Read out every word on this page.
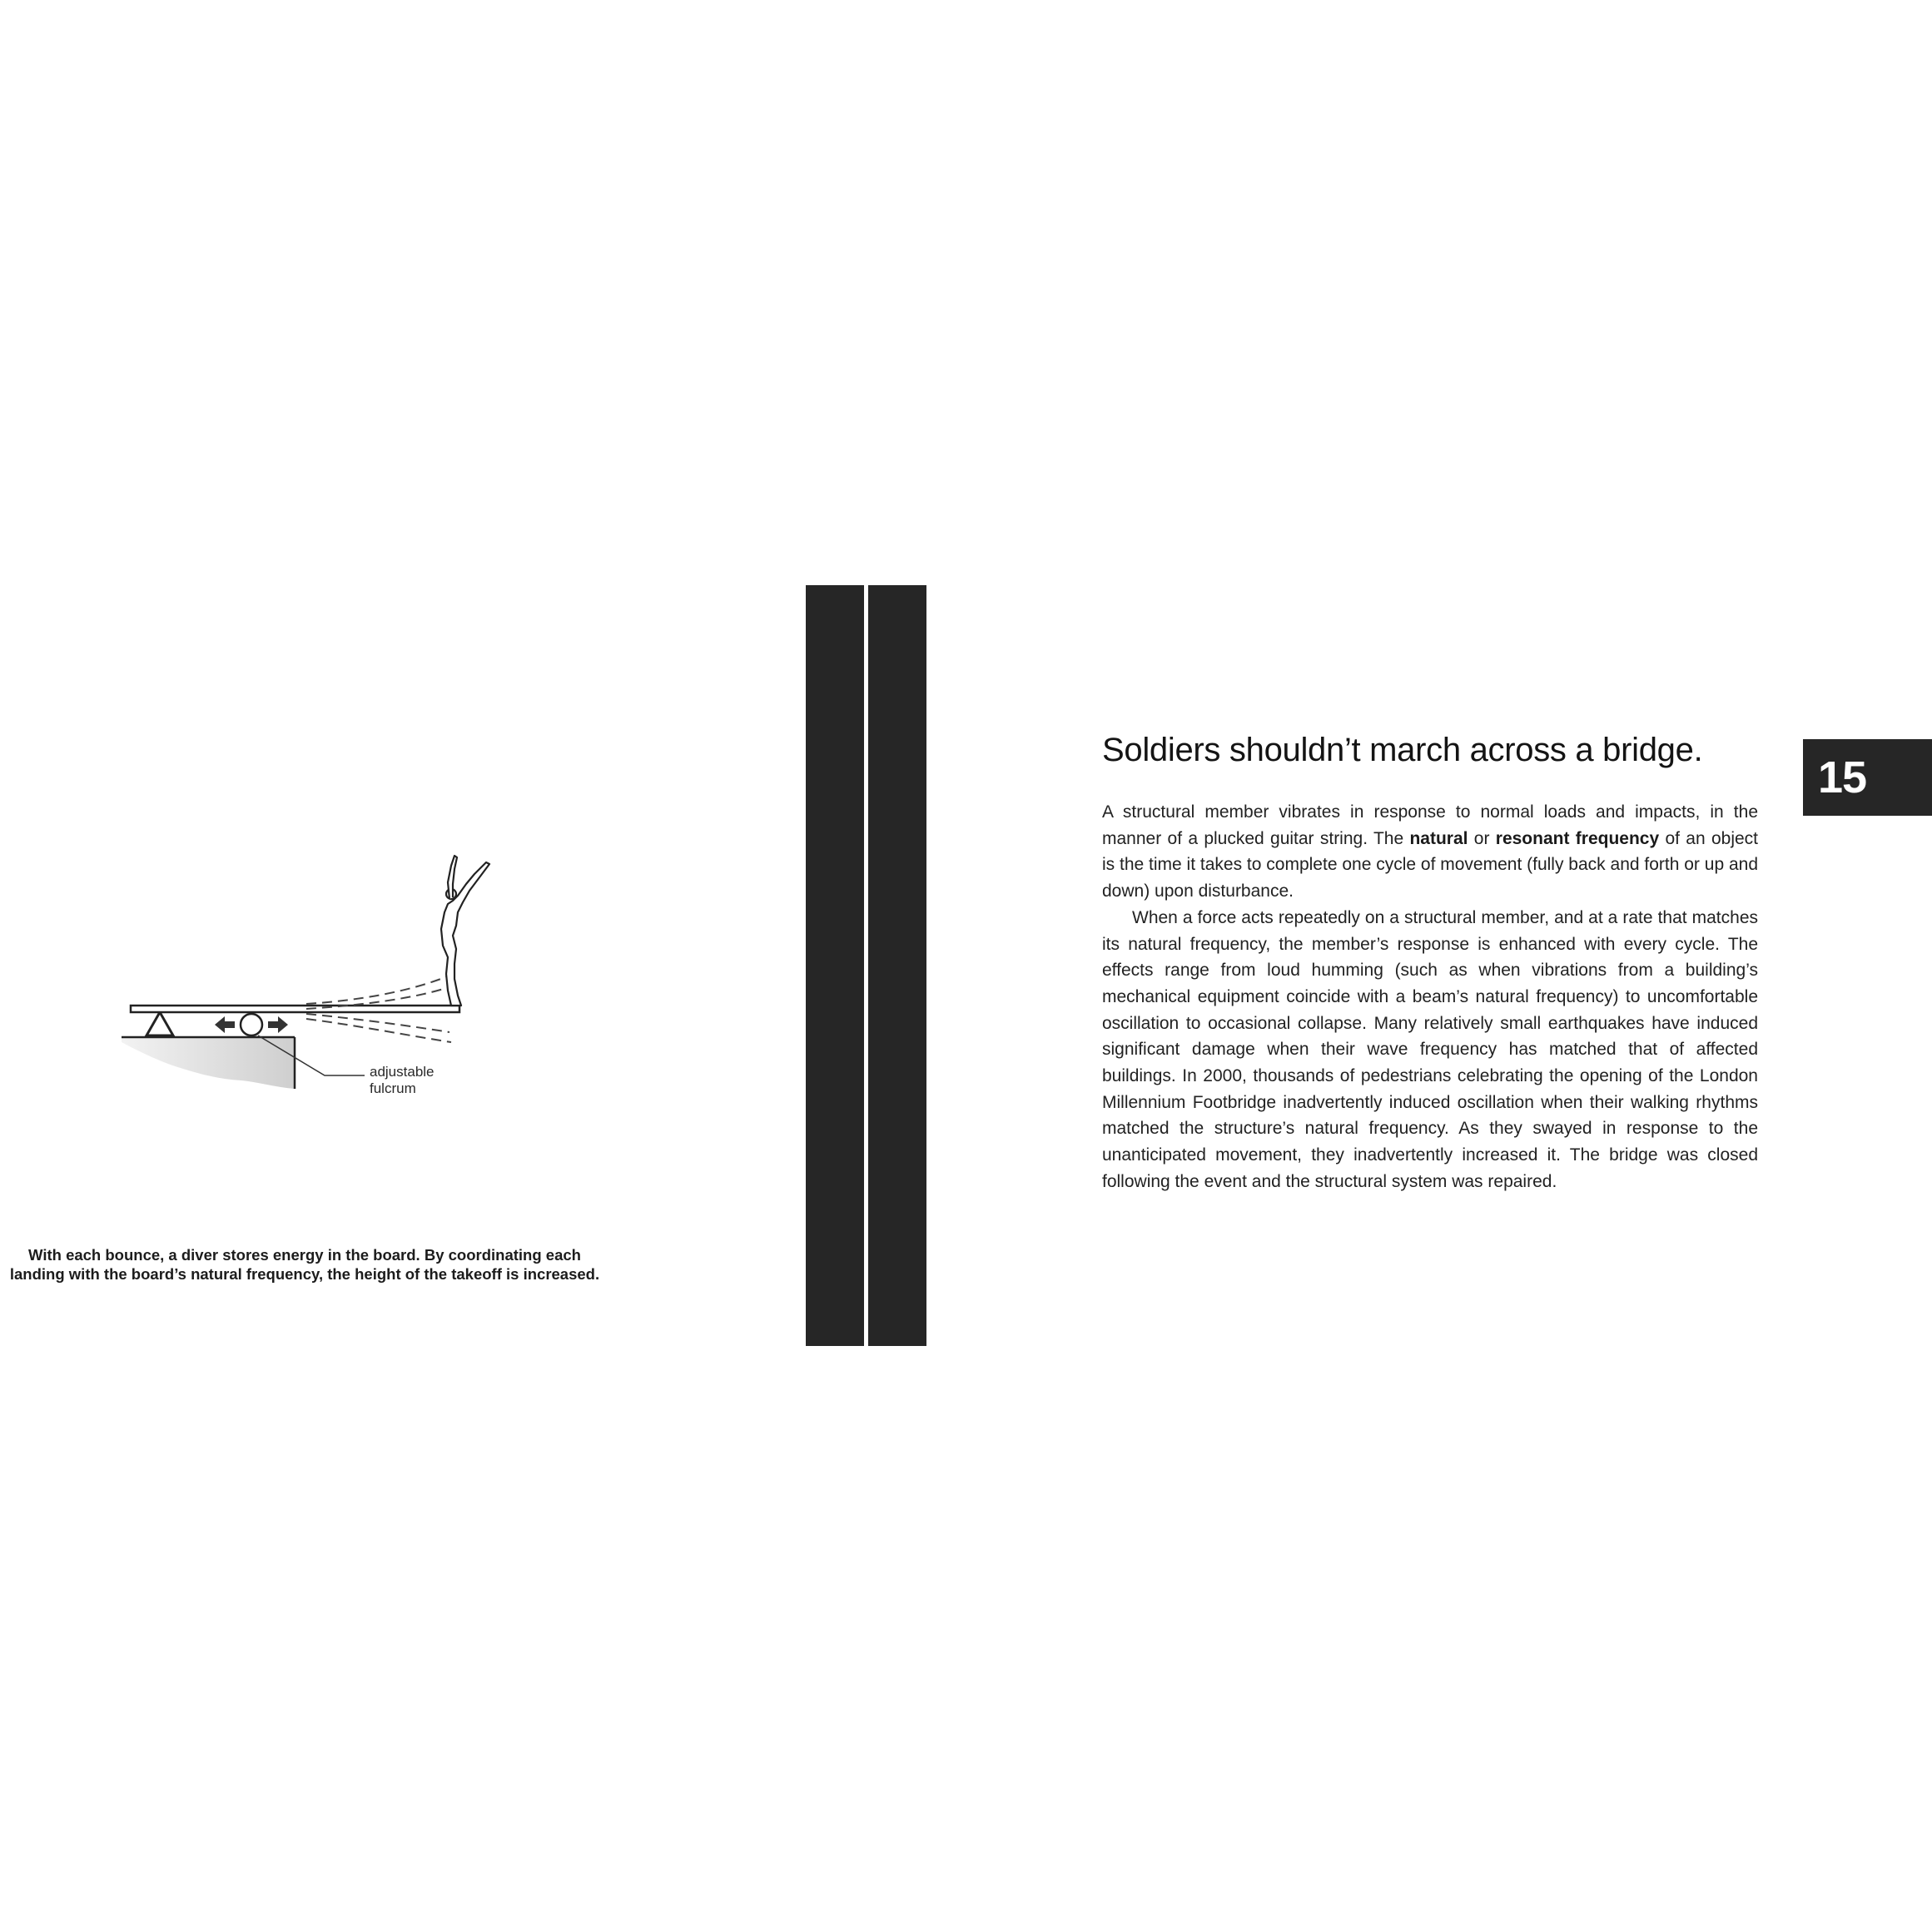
adjustable
fulcrum
With each bounce, a diver stores energy in the board. By coordinating each
landing with the board’s natural frequency, the height of the takeoff is increased.
Soldiers shouldn’t march across a bridge.

A structural member vibrates in response to normal loads and impacts, in the manner of a plucked guitar string. The natural or resonant frequency of an object is the time it takes to complete one cycle of movement (fully back and forth or up and down) upon disturbance.

When a force acts repeatedly on a structural member, and at a rate that matches its natural frequency, the member’s response is enhanced with every cycle. The effects range from loud humming (such as when vibrations from a building’s mechanical equipment coincide with a beam’s natural frequency) to uncomfortable oscillation to occasional collapse. Many relatively small earthquakes have induced significant damage when their wave frequency has matched that of affected buildings. In 2000, thousands of pedestrians celebrating the opening of the London Millennium Footbridge inadvertently induced oscillation when their walking rhythms matched the structure’s natural frequency. As they swayed in response to the unanticipated movement, they inadvertently increased it. The bridge was closed following the event and the structural system was repaired.

15
